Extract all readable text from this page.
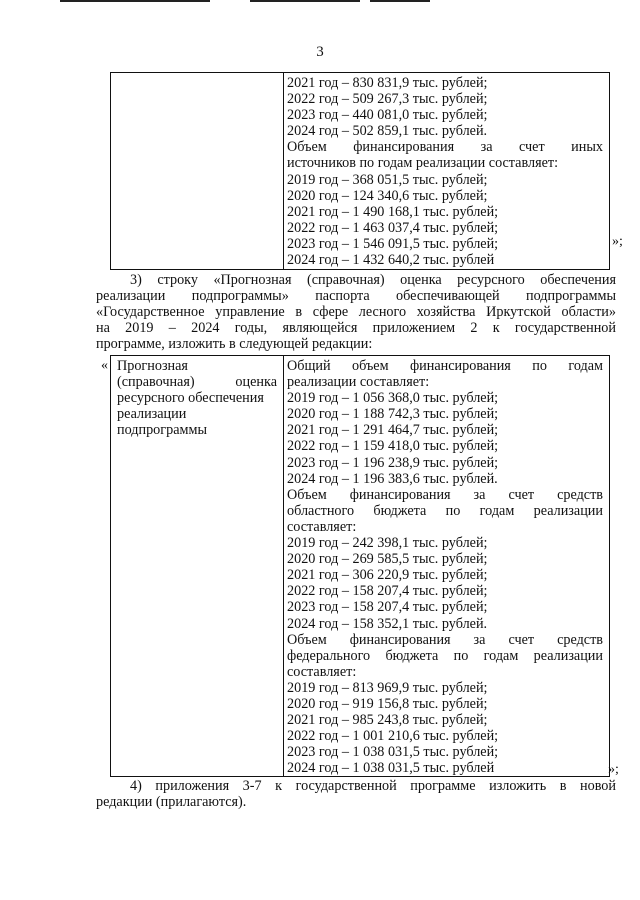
3
2021 год – 830 831,9 тыс. рублей;
2022 год – 509 267,3 тыс. рублей;
2023 год – 440 081,0 тыс. рублей;
2024 год – 502 859,1 тыс. рублей.
Объем финансирования за счет иных
источников по годам реализации составляет:
2019 год – 368 051,5 тыс. рублей;
2020 год – 124 340,6 тыс. рублей;
2021 год – 1 490 168,1 тыс. рублей;
2022 год – 1 463 037,4 тыс. рублей;
2023 год – 1 546 091,5 тыс. рублей;
2024 год – 1 432 640,2 тыс. рублей
»;
3) строку «Прогнозная (справочная) оценка ресурсного обеспечения
реализации подпрограммы» паспорта обеспечивающей подпрограммы
«Государственное управление в сфере лесного хозяйства Иркутской области»
на 2019 – 2024 годы, являющейся приложением 2 к государственной
программе, изложить в следующей редакции:
« Прогнозная
(справочная) оценка
ресурсного обеспечения
реализации
подпрограммы
Общий объем финансирования по годам
реализации составляет:
2019 год – 1 056 368,0 тыс. рублей;
2020 год – 1 188 742,3 тыс. рублей;
2021 год – 1 291 464,7 тыс. рублей;
2022 год – 1 159 418,0 тыс. рублей;
2023 год – 1 196 238,9 тыс. рублей;
2024 год – 1 196 383,6 тыс. рублей.
Объем финансирования за счет средств
областного бюджета по годам реализации
составляет:
2019 год – 242 398,1 тыс. рублей;
2020 год – 269 585,5 тыс. рублей;
2021 год – 306 220,9 тыс. рублей;
2022 год – 158 207,4 тыс. рублей;
2023 год – 158 207,4 тыс. рублей;
2024 год – 158 352,1 тыс. рублей.
Объем финансирования за счет средств
федерального бюджета по годам реализации
составляет:
2019 год – 813 969,9 тыс. рублей;
2020 год – 919 156,8 тыс. рублей;
2021 год – 985 243,8 тыс. рублей;
2022 год – 1 001 210,6 тыс. рублей;
2023 год – 1 038 031,5 тыс. рублей;
2024 год – 1 038 031,5 тыс. рублей	»;
4) приложения 3-7 к государственной программе изложить в новой
редакции (прилагаются).
